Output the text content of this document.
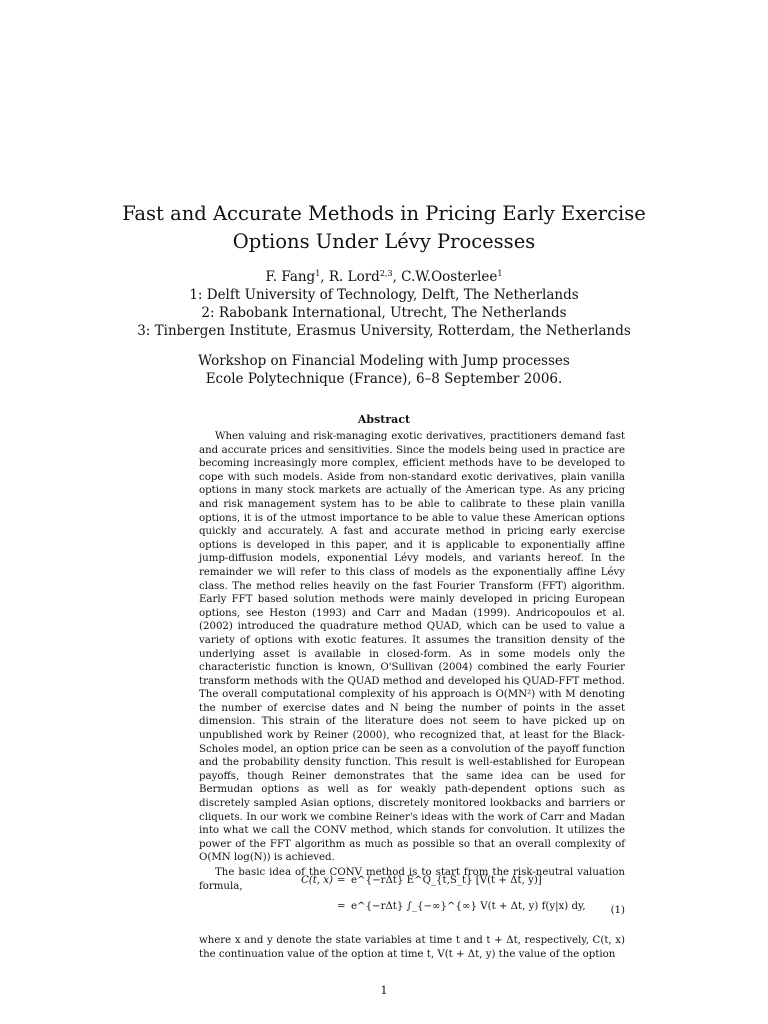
Fast and Accurate Methods in Pricing Early Exercise
Options Under Lévy Processes
F. Fang$^1$, R. Lord$^{2,3}$, C.W.Oosterlee$^1$
1: Delft University of Technology, Delft, The Netherlands
2: Rabobank International, Utrecht, The Netherlands
3: Tinbergen Institute, Erasmus University, Rotterdam, the Netherlands
Workshop on Financial Modeling with Jump processes
Ecole Polytechnique (France), 6–8 September 2006.
Abstract

When valuing and risk-managing exotic derivatives, practitioners demand fast and accurate prices and sensitivities. Since the models being used in practice are becoming increasingly more complex, efficient methods have to be developed to cope with such models. Aside from non-standard exotic derivatives, plain vanilla options in many stock markets are actually of the American type. As any pricing and risk management system has to be able to calibrate to these plain vanilla options, it is of the utmost importance to be able to value these American options quickly and accurately. A fast and accurate method in pricing early exercise options is developed in this paper, and it is applicable to exponentially affine jump-diffusion models, exponential Lévy models, and variants hereof. In the remainder we will refer to this class of models as the exponentially affine Lévy class. The method relies heavily on the fast Fourier Transform (FFT) algorithm. Early FFT based solution methods were mainly developed in pricing European options, see Heston (1993) and Carr and Madan (1999). Andricopoulos et al. (2002) introduced the quadrature method QUAD, which can be used to value a variety of options with exotic features. It assumes the transition density of the underlying asset is available in closed-form. As in some models only the characteristic function is known, O'Sullivan (2004) combined the early Fourier transform methods with the QUAD method and developed his QUAD-FFT method. The overall computational complexity of his approach is O(MN²) with M denoting the number of exercise dates and N being the number of points in the asset dimension. This strain of the literature does not seem to have picked up on unpublished work by Reiner (2000), who recognized that, at least for the Black-Scholes model, an option price can be seen as a convolution of the payoff function and the probability density function. This result is well-established for European payoffs, though Reiner demonstrates that the same idea can be used for Bermudan options as well as for weakly path-dependent options such as discretely sampled Asian options, discretely monitored lookbacks and barriers or cliquets. In our work we combine Reiner's ideas with the work of Carr and Madan into what we call the CONV method, which stands for convolution. It utilizes the power of the FFT algorithm as much as possible so that an overall complexity of O(MN log(N)) is achieved.

The basic idea of the CONV method is to start from the risk-neutral valuation formula,

C(t, x) = e^{−rΔt} E^Q_{t,S_t} [V(t + Δt, y)]
= e^{−rΔt} ∫_{−∞}^{∞} V(t + Δt, y) f(y|x) dy, (1)
where x and y denote the state variables at time t and t + Δt, respectively, C(t, x) the continuation value of the option at time t, V(t + Δt, y) the value of the option
1
